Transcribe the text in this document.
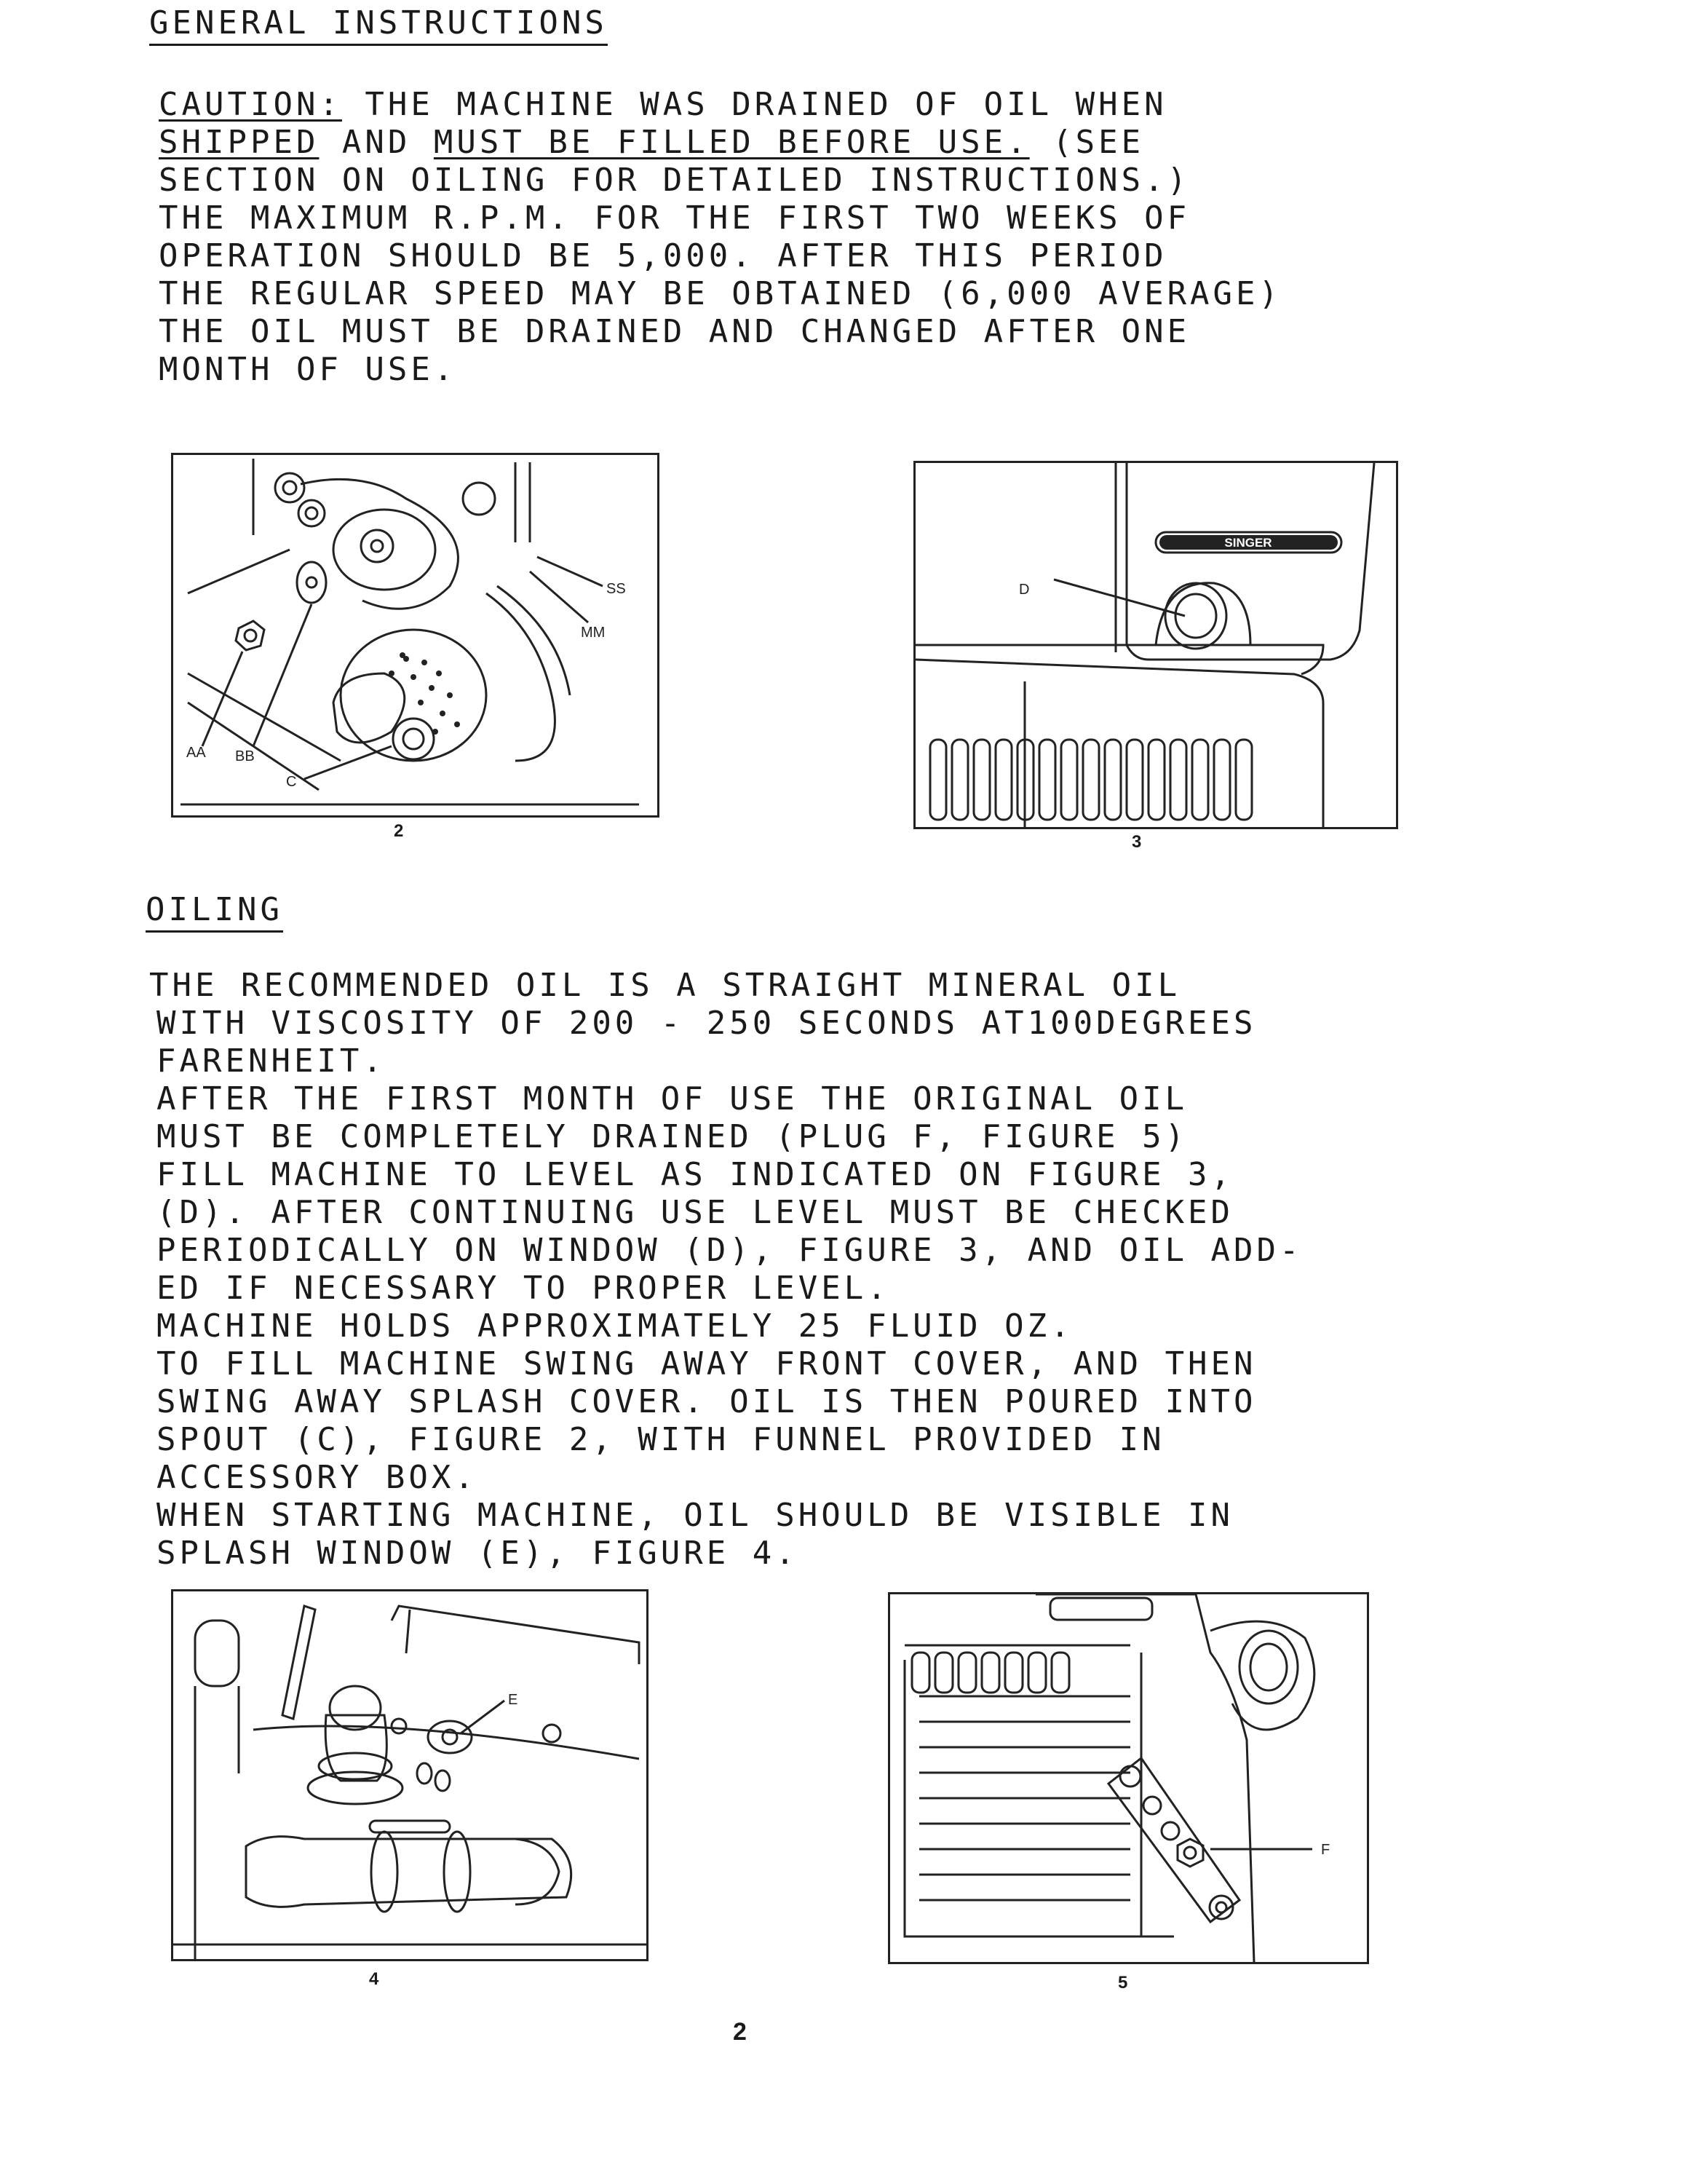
GENERAL INSTRUCTIONS
CAUTION: THE MACHINE WAS DRAINED OF OIL WHEN
SHIPPED AND MUST BE FILLED BEFORE USE. (SEE
SECTION ON OILING FOR DETAILED INSTRUCTIONS.)
THE MAXIMUM R.P.M. FOR THE FIRST TWO WEEKS OF
OPERATION SHOULD BE 5,000. AFTER THIS PERIOD
THE REGULAR SPEED MAY BE OBTAINED (6,000 AVERAGE)
THE OIL MUST BE DRAINED AND CHANGED AFTER ONE
MONTH OF USE.
SS
MM
AA BB
C
2
SINGER
D
3
OILING
THE RECOMMENDED OIL IS A STRAIGHT MINERAL OIL
WITH VISCOSITY OF 200 - 250 SECONDS AT100DEGREES
FARENHEIT.
AFTER THE FIRST MONTH OF USE THE ORIGINAL OIL
MUST BE COMPLETELY DRAINED (PLUG F, FIGURE 5)
FILL MACHINE TO LEVEL AS INDICATED ON FIGURE 3,
(D). AFTER CONTINUING USE LEVEL MUST BE CHECKED
PERIODICALLY ON WINDOW (D), FIGURE 3, AND OIL ADD-
ED IF NECESSARY TO PROPER LEVEL.
MACHINE HOLDS APPROXIMATELY 25 FLUID OZ.
TO FILL MACHINE SWING AWAY FRONT COVER, AND THEN
SWING AWAY SPLASH COVER. OIL IS THEN POURED INTO
SPOUT (C), FIGURE 2, WITH FUNNEL PROVIDED IN
ACCESSORY BOX.
WHEN STARTING MACHINE, OIL SHOULD BE VISIBLE IN
SPLASH WINDOW (E), FIGURE 4.
E
4
F
5
2
